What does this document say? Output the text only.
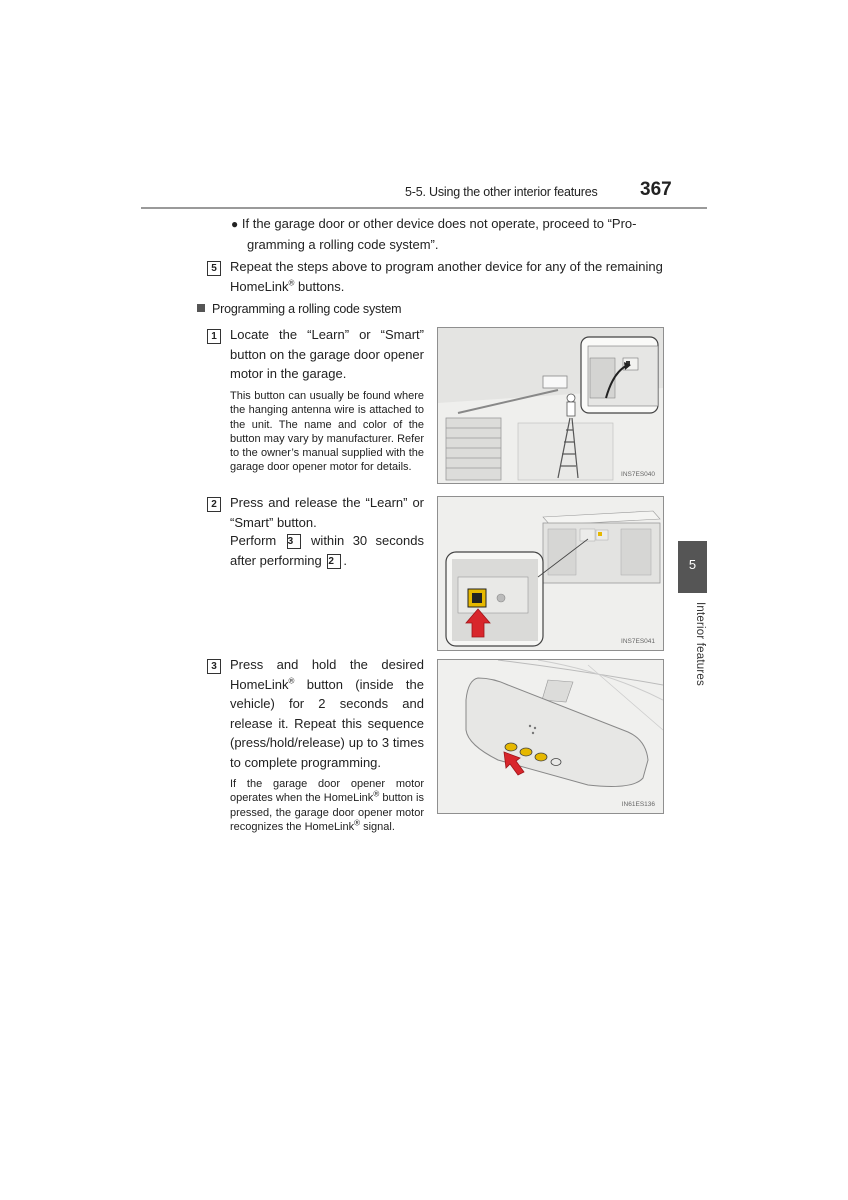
5-5. Using the other interior features 367
5
Interior features
● If the garage door or other device does not operate, proceed to “Pro-
gramming a rolling code system”.
5	Repeat the steps above to program another device for any of the remaining
HomeLink® buttons.
Programming a rolling code system
1	Locate the “Learn” or “Smart” button on the garage door opener motor in the garage.
This button can usually be found where the hanging antenna wire is attached to the unit. The name and color of the button may vary by manufacturer. Refer to the owner’s manual supplied with the garage door opener motor for details.
INS7ES040
2	Press and release the “Learn” or “Smart” button.
Perform 3 within 30 seconds after performing 2 .
INS7ES041
3	Press and hold the desired HomeLink® button (inside the vehicle) for 2 seconds and release it. Repeat this sequence (press/hold/release) up to 3 times to complete programming.
If the garage door opener motor operates when the HomeLink® button is pressed, the garage door opener motor recognizes the HomeLink® signal.
IN61ES136
